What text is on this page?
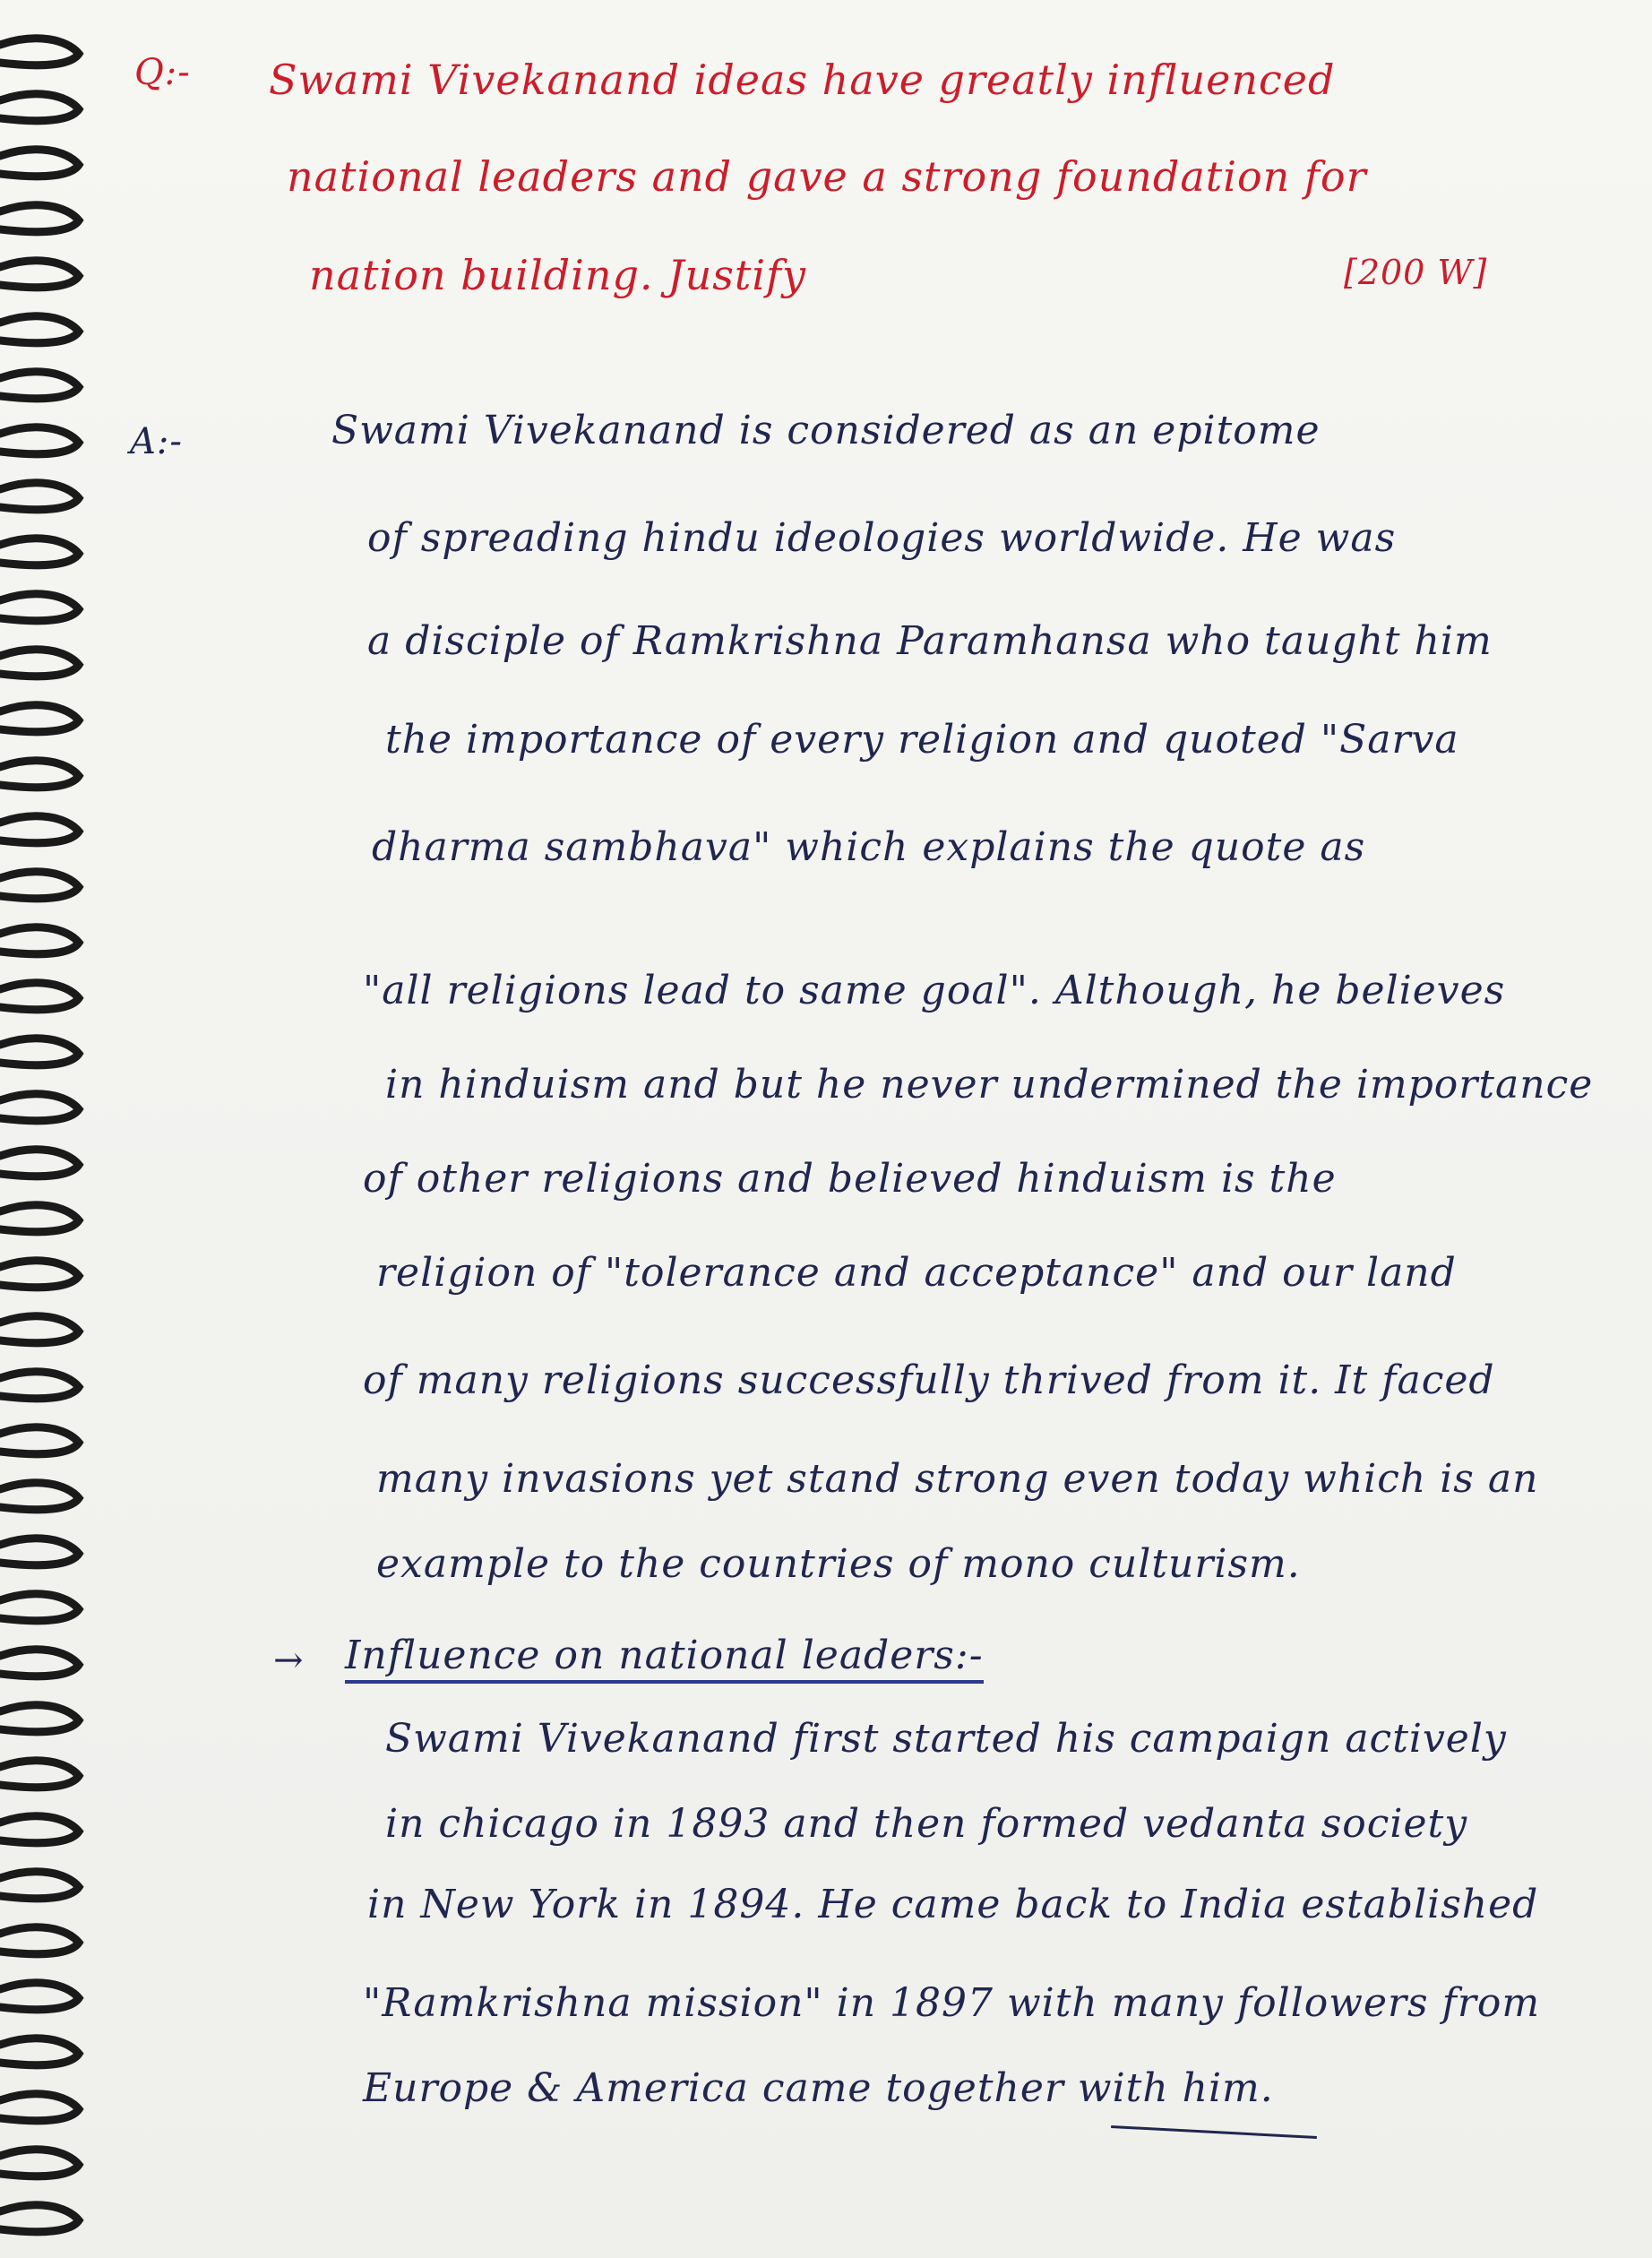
Q:- Swami Vivekanand ideas have greatly influenced
national leaders and gave a strong foundation for
nation building. Justify	[200 W]
A:-	Swami Vivekanand is considered as an epitome
of spreading hindu ideologies worldwide. He was
a disciple of Ramkrishna Paramhansa who taught him
the importance of every religion and quoted "Sarva
dharma sambhava" which explains the quote as
"all religions lead to same goal". Although, he believes
in hinduism and but he never undermined the importance
of other religions and believed hinduism is the
religion of "tolerance and acceptance" and our land
of many religions successfully thrived from it. It faced
many invasions yet stand strong even today which is an
example to the countries of mono culturism.
→ Influence on national leaders:-
Swami Vivekanand first started his campaign actively
in chicago in 1893 and then formed vedanta society
in New York in 1894. He came back to India established
"Ramkrishna mission" in 1897 with many followers from
Europe & America came together with him.
